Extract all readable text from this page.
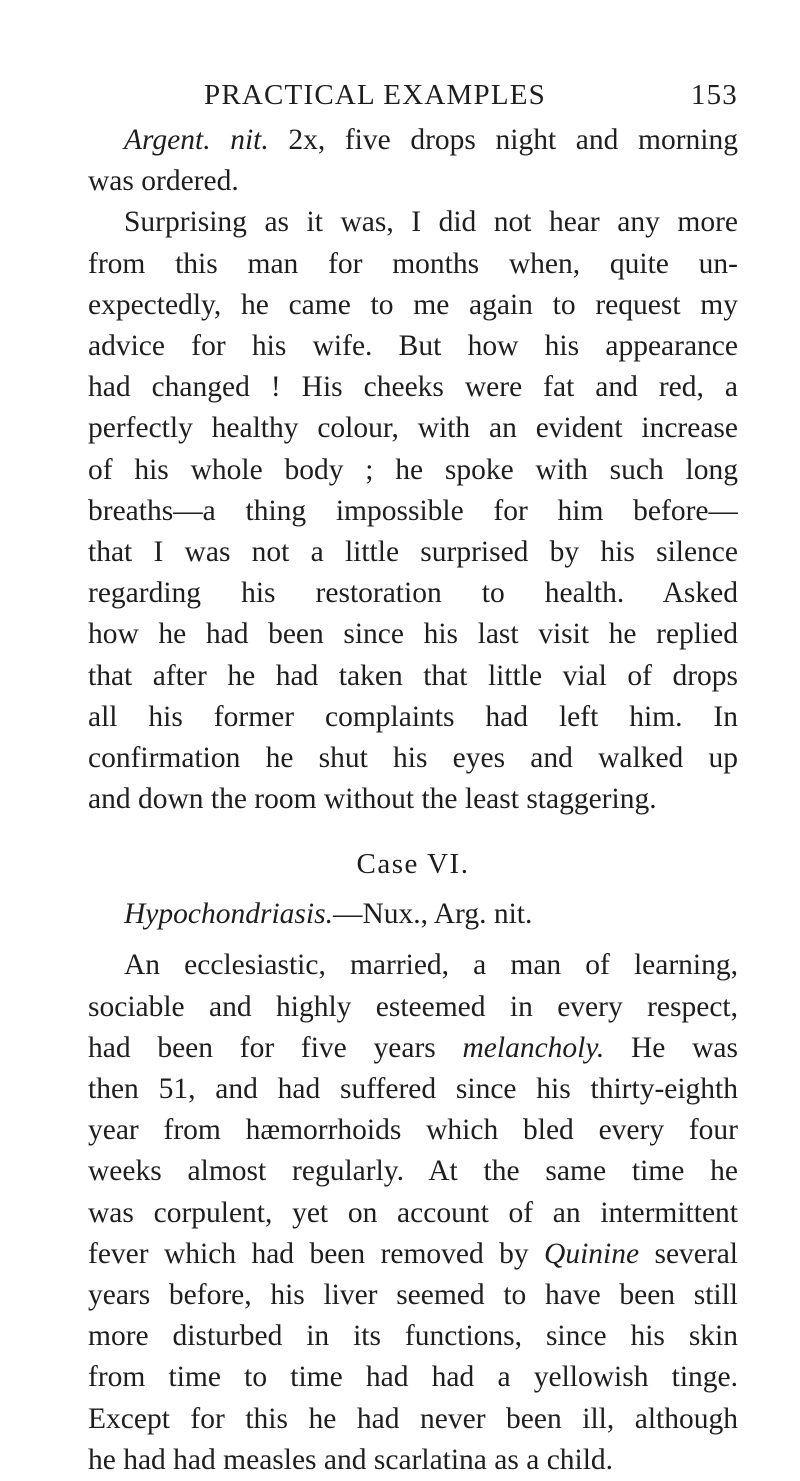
PRACTICAL EXAMPLES	153
Argent. nit. 2x, five drops night and morning
was ordered.
Surprising as it was, I did not hear any more
from this man for months when, quite un-
expectedly, he came to me again to request my
advice for his wife. But how his appearance
had changed ! His cheeks were fat and red, a
perfectly healthy colour, with an evident increase
of his whole body ; he spoke with such long
breaths—a thing impossible for him before—
that I was not a little surprised by his silence
regarding his restoration to health. Asked
how he had been since his last visit he replied
that after he had taken that little vial of drops
all his former complaints had left him. In
confirmation he shut his eyes and walked up
and down the room without the least staggering.
Case VI.
Hypochondriasis.—Nux., Arg. nit.
An ecclesiastic, married, a man of learning,
sociable and highly esteemed in every respect,
had been for five years melancholy. He was
then 51, and had suffered since his thirty-eighth
year from hæmorrhoids which bled every four
weeks almost regularly. At the same time he
was corpulent, yet on account of an intermittent
fever which had been removed by Quinine several
years before, his liver seemed to have been still
more disturbed in its functions, since his skin
from time to time had had a yellowish tinge.
Except for this he had never been ill, although
he had had measles and scarlatina as a child.
